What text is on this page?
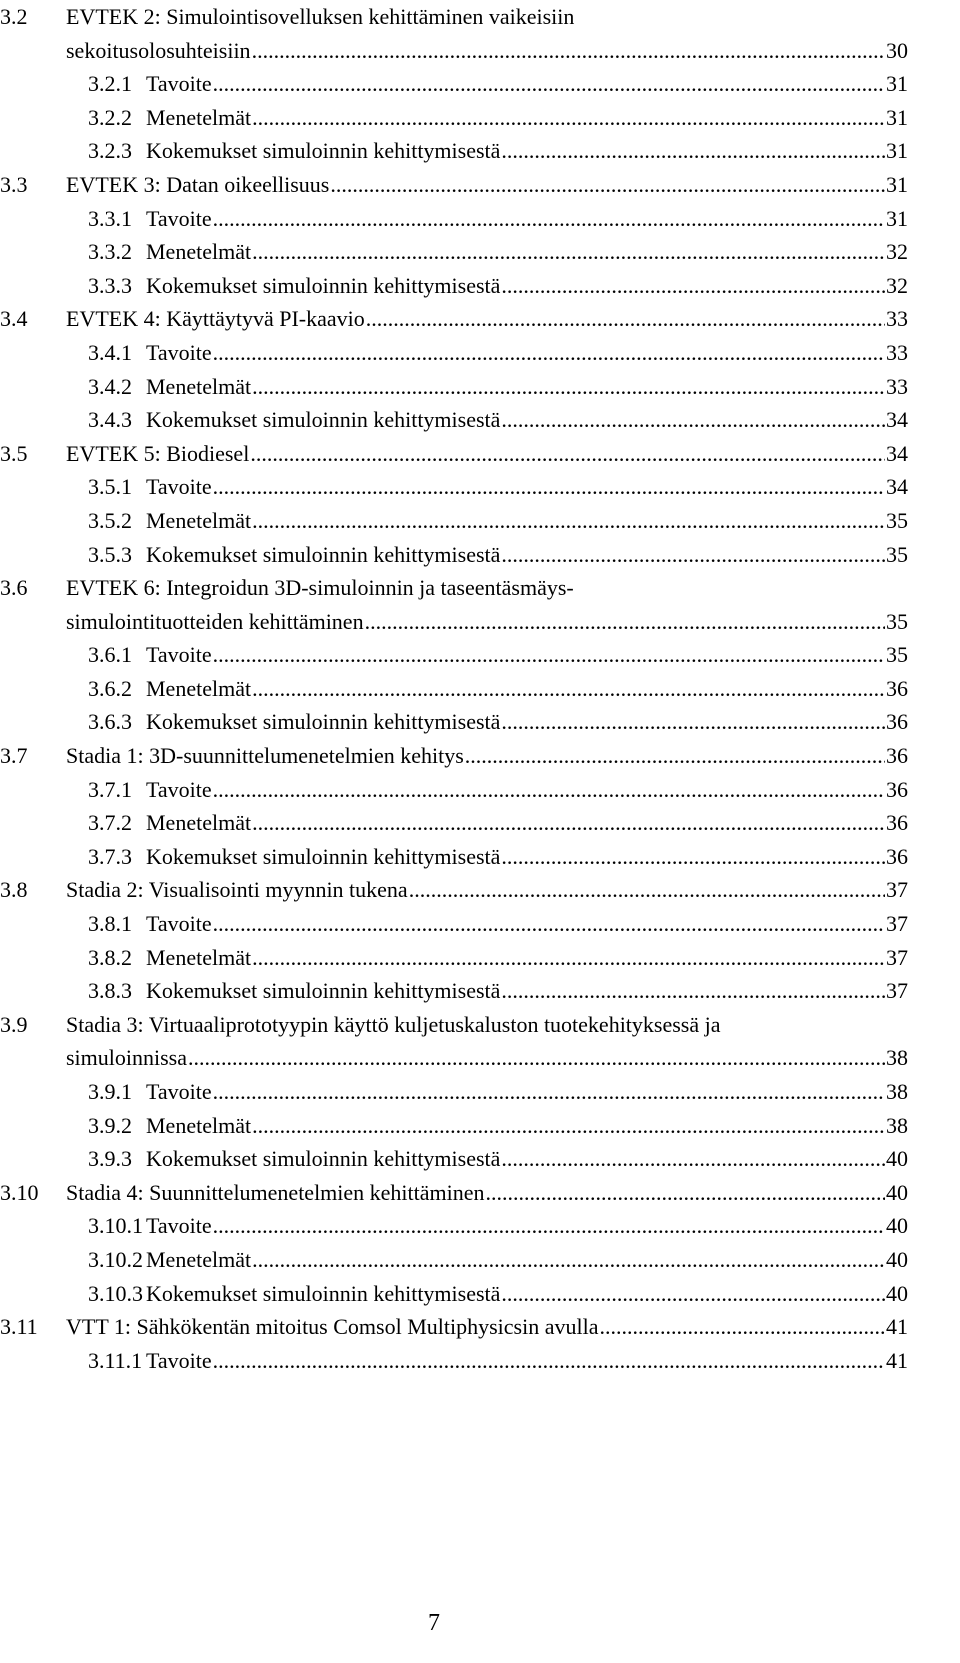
3.2	EVTEK 2: Simulointisovelluksen kehittäminen vaikeisiin
sekoitusolosuhteisiin .....	30
3.2.1 Tavoite .....	31
3.2.2 Menetelmät .....	31
3.2.3 Kokemukset simuloinnin kehittymisestä .....	31
3.3	EVTEK 3: Datan oikeellisuus .....	31
3.3.1 Tavoite .....	31
3.3.2 Menetelmät .....	32
3.3.3 Kokemukset simuloinnin kehittymisestä .....	32
3.4	EVTEK 4: Käyttäytyvä PI-kaavio .....	33
3.4.1 Tavoite .....	33
3.4.2 Menetelmät .....	33
3.4.3 Kokemukset simuloinnin kehittymisestä .....	34
3.5	EVTEK 5: Biodiesel .....	34
3.5.1 Tavoite .....	34
3.5.2 Menetelmät .....	35
3.5.3 Kokemukset simuloinnin kehittymisestä .....	35
3.6	EVTEK 6: Integroidun 3D-simuloinnin ja taseentäsmäys-
simulointituotteiden kehittäminen .....	35
3.6.1 Tavoite .....	35
3.6.2 Menetelmät .....	36
3.6.3 Kokemukset simuloinnin kehittymisestä .....	36
3.7	Stadia 1: 3D-suunnittelumenetelmien kehitys .....	36
3.7.1 Tavoite .....	36
3.7.2 Menetelmät .....	36
3.7.3 Kokemukset simuloinnin kehittymisestä .....	36
3.8	Stadia 2: Visualisointi myynnin tukena .....	37
3.8.1 Tavoite .....	37
3.8.2 Menetelmät .....	37
3.8.3 Kokemukset simuloinnin kehittymisestä .....	37
3.9	Stadia 3: Virtuaaliprototyypin käyttö kuljetuskaluston tuotekehityksessä ja
simuloinnissa .....	38
3.9.1 Tavoite .....	38
3.9.2 Menetelmät .....	38
3.9.3 Kokemukset simuloinnin kehittymisestä .....	40
3.10	Stadia 4: Suunnittelumenetelmien kehittäminen .....	40
3.10.1 Tavoite .....	40
3.10.2 Menetelmät .....	40
3.10.3 Kokemukset simuloinnin kehittymisestä .....	40
3.11	VTT 1: Sähkökentän mitoitus Comsol Multiphysicsin avulla .....	41
3.11.1 Tavoite .....	41
7
